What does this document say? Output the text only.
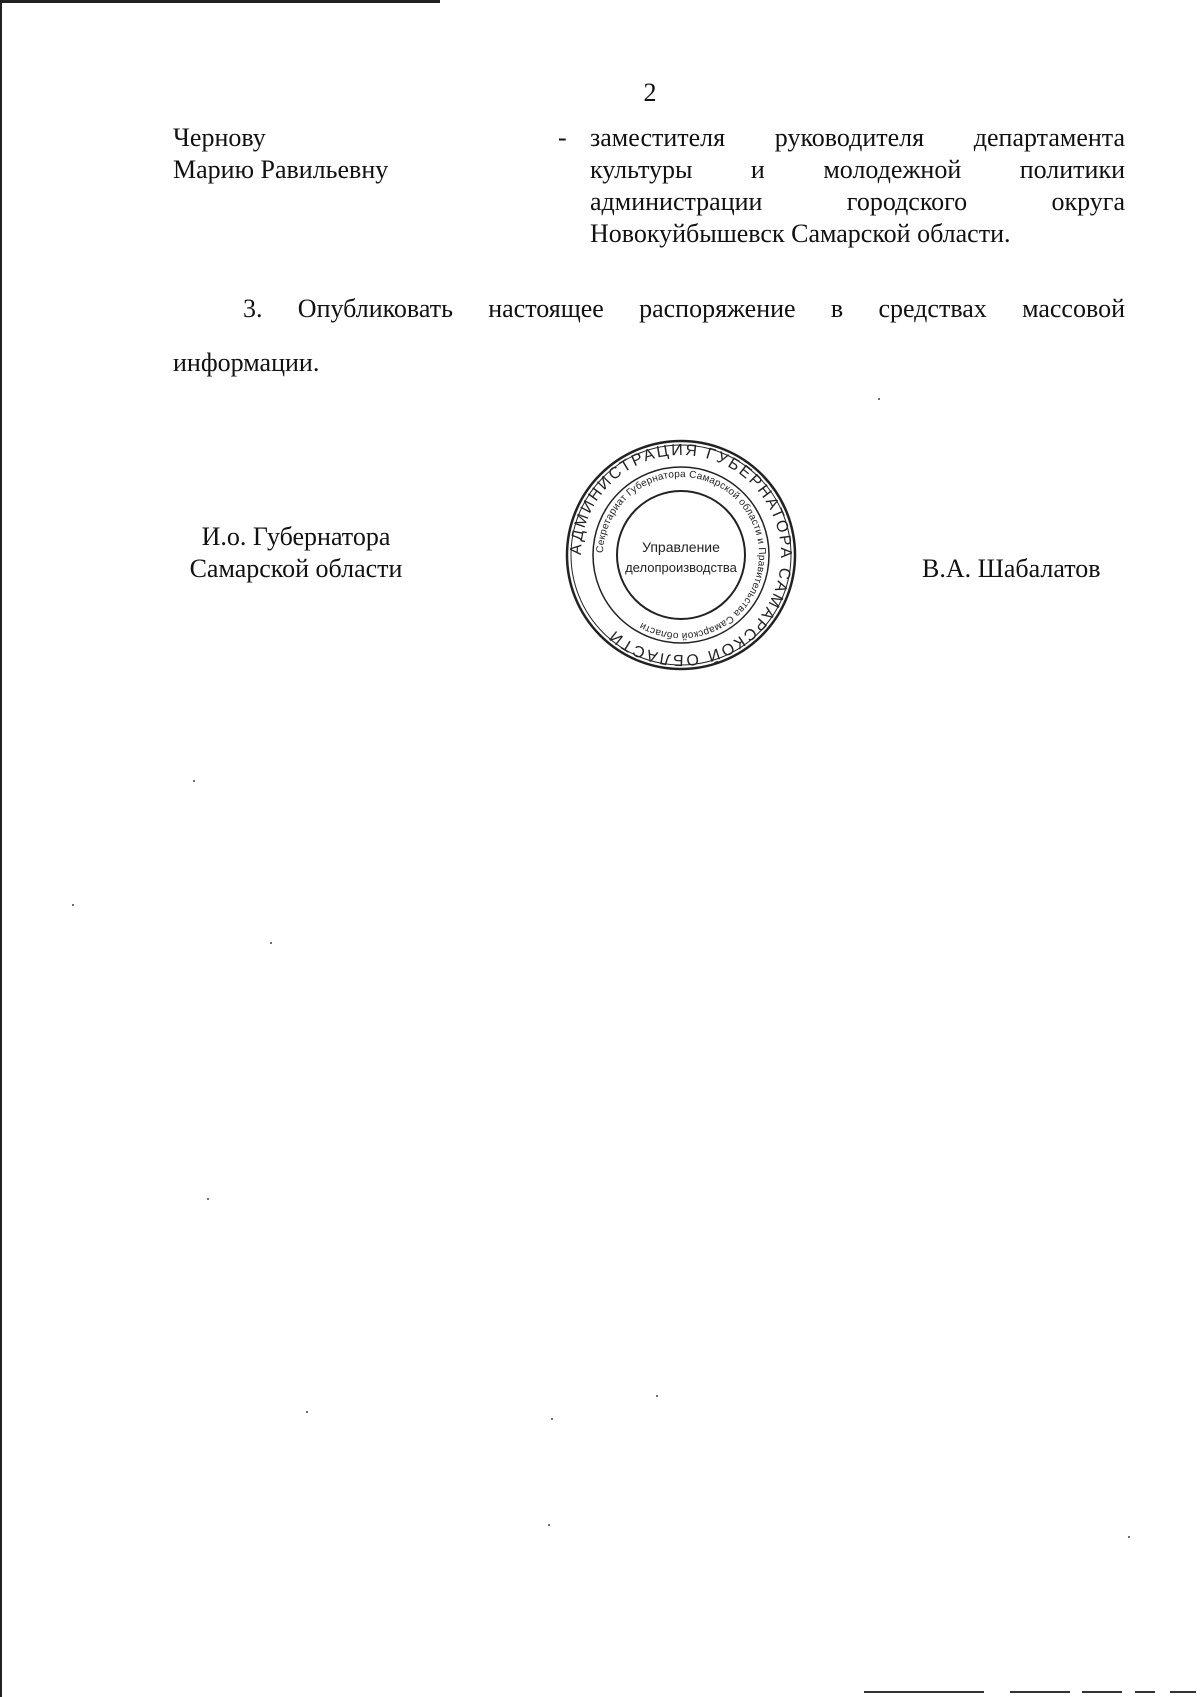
2
Чернову
Марию Равильевну
- заместителя руководителя департамента
культуры и молодежной политики
администрации городского округа
Новокуйбышевск Самарской области.
3. Опубликовать настоящее распоряжение в средствах массовой
информации.
И.о. Губернатора
Самарской области
АДМИНИСТРАЦИЯ ГУБЕРНАТОРА САМАРСКОЙ ОБЛАСТИ
Секретариат Губернатора Самарской области и Правительства Самарской области
Управление
делопроизводства	В.А. Шабалатов
